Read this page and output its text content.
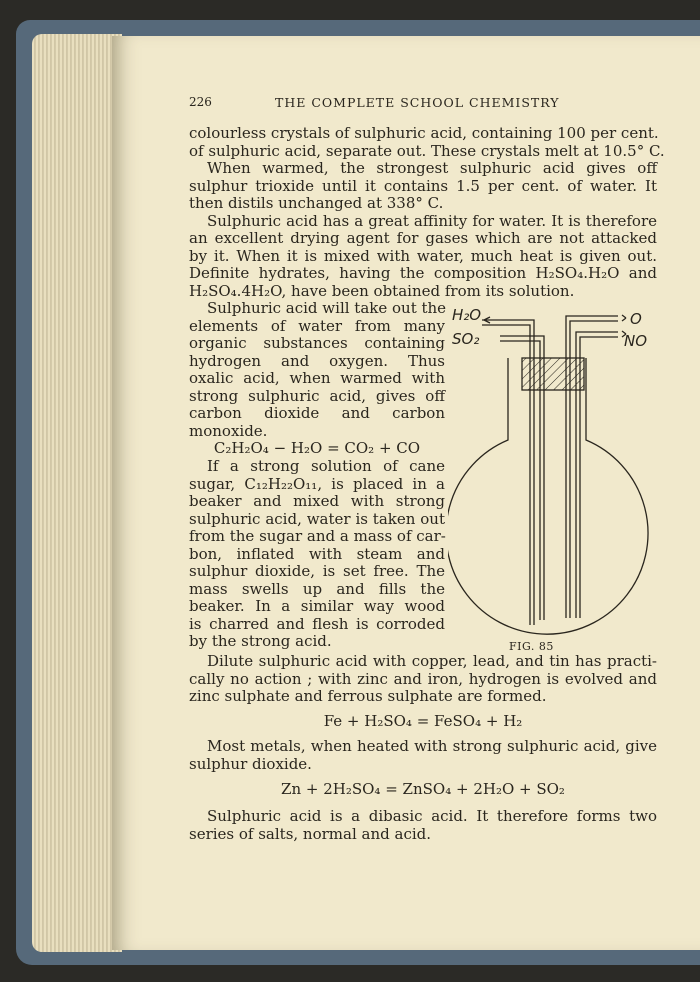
226	THE COMPLETE SCHOOL CHEMISTRY

colourless crystals of sulphuric acid, containing 100 per cent.

of sulphuric acid, separate out. These crystals melt at 10.5° C.

When warmed, the strongest sulphuric acid gives off

sulphur trioxide until it contains 1.5 per cent. of water. It

then distils unchanged at 338° C.

Sulphuric acid has a great affinity for water. It is therefore

an excellent drying agent for gases which are not attacked

by it. When it is mixed with water, much heat is given out.

Definite hydrates, having the composition H₂SO₄.H₂O and

H₂SO₄.4H₂O, have been obtained from its solution.

Sulphuric acid will take out the

elements of water from many

organic substances containing

hydrogen and oxygen. Thus

oxalic acid, when warmed with

strong sulphuric acid, gives off

carbon dioxide and carbon

monoxide.

C₂H₂O₄ − H₂O = CO₂ + CO

If a strong solution of cane

sugar, C₁₂H₂₂O₁₁, is placed in a

beaker and mixed with strong

sulphuric acid, water is taken out

from the sugar and a mass of car-

bon, inflated with steam and

sulphur dioxide, is set free. The

mass swells up and fills the

beaker. In a similar way wood

is charred and flesh is corroded

by the strong acid.

Dilute sulphuric acid with copper, lead, and tin has practi-

cally no action ; with zinc and iron, hydrogen is evolved and

zinc sulphate and ferrous sulphate are formed.

Fe + H₂SO₄ = FeSO₄ + H₂

Most metals, when heated with strong sulphuric acid, give

sulphur dioxide.

Zn + 2H₂SO₄ = ZnSO₄ + 2H₂O + SO₂

Sulphuric acid is a dibasic acid. It therefore forms two

series of salts, normal and acid.

H₂O
SO₂
O
NO
FIG. 85
